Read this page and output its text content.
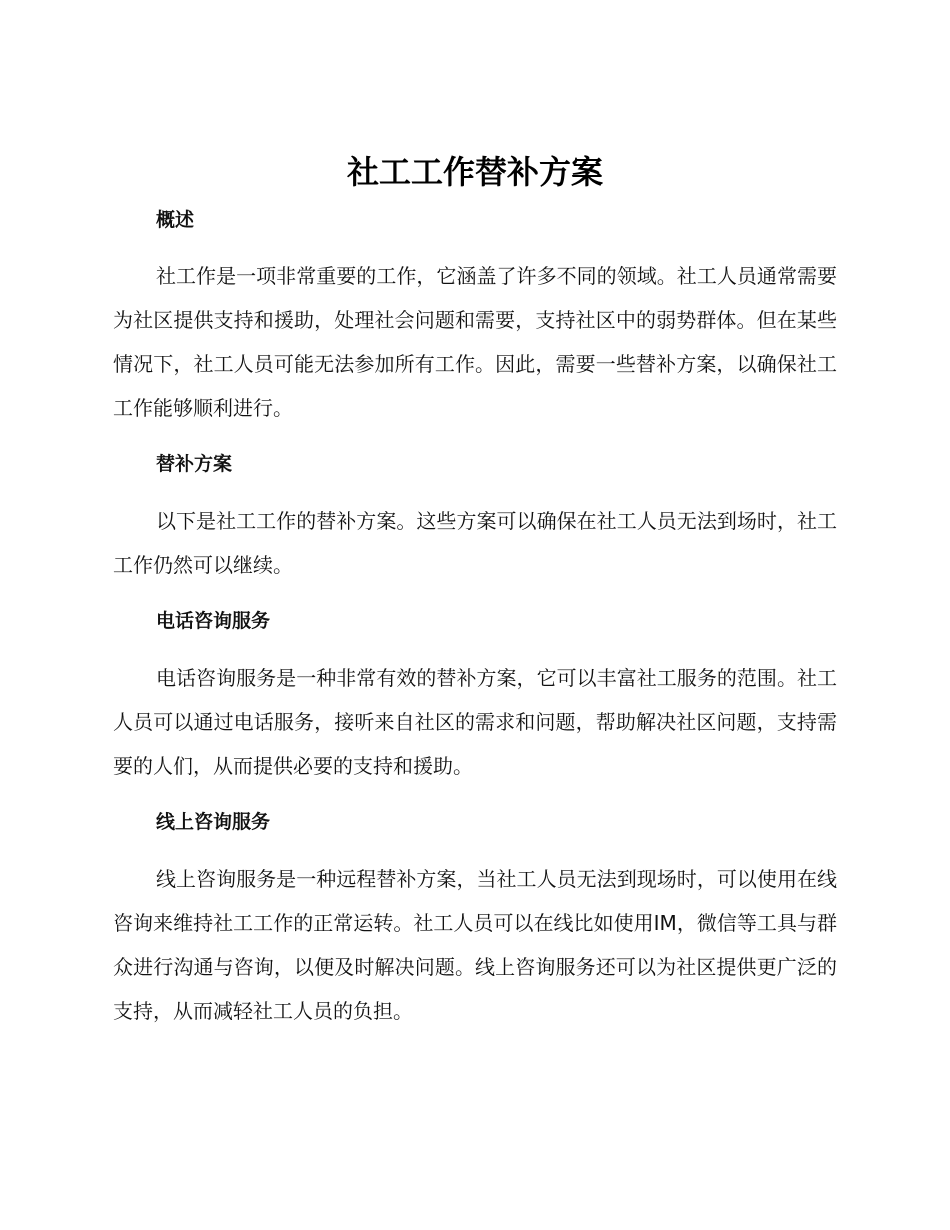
社工工作替补方案
概述

社工作是一项非常重要的工作，它涵盖了许多不同的领域。社工人员通常需要为社区提供支持和援助，处理社会问题和需要，支持社区中的弱势群体。但在某些情况下，社工人员可能无法参加所有工作。因此，需要一些替补方案，以确保社工工作能够顺利进行。

替补方案

以下是社工工作的替补方案。这些方案可以确保在社工人员无法到场时，社工工作仍然可以继续。

电话咨询服务

电话咨询服务是一种非常有效的替补方案，它可以丰富社工服务的范围。社工人员可以通过电话服务，接听来自社区的需求和问题，帮助解决社区问题，支持需要的人们，从而提供必要的支持和援助。

线上咨询服务

线上咨询服务是一种远程替补方案，当社工人员无法到现场时，可以使用在线咨询来维持社工工作的正常运转。社工人员可以在线比如使用IM，微信等工具与群众进行沟通与咨询，以便及时解决问题。线上咨询服务还可以为社区提供更广泛的支持，从而减轻社工人员的负担。
